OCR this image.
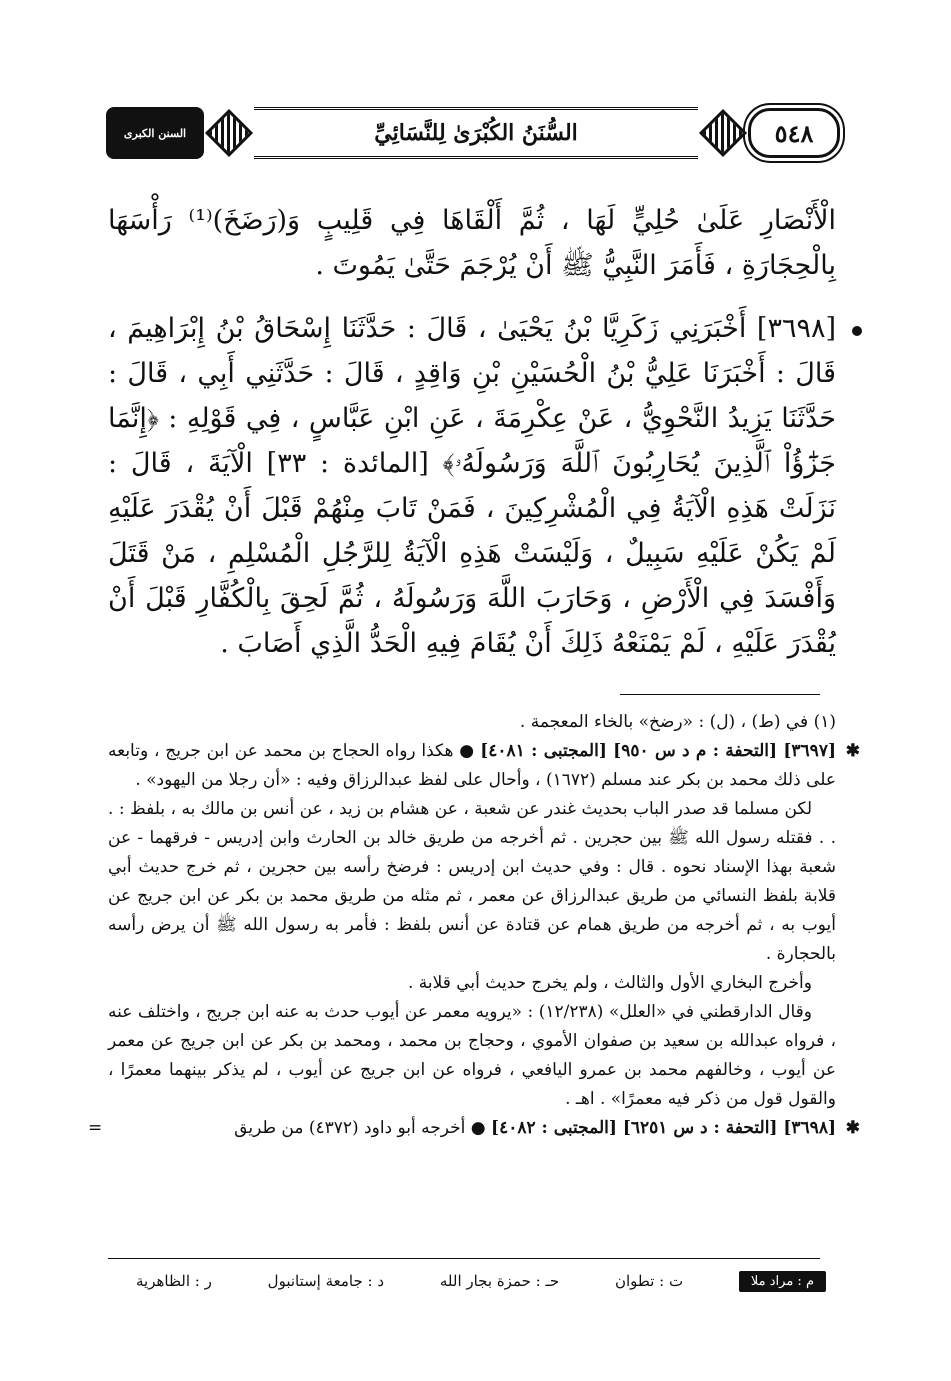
٥٤٨
السُّنَنُ الكُبْرَىٰ لِلنَّسَائِيِّ
السنن الكبرى

الْأَنْصَارِ عَلَىٰ حُلِيٍّ لَهَا ، ثُمَّ أَلْقَاهَا فِي قَلِيبٍ وَ(رَضَخَ)⁽¹⁾ رَأْسَهَا بِالْحِجَارَةِ ، فَأَمَرَ النَّبِيُّ ﷺ أَنْ يُرْجَمَ حَتَّىٰ يَمُوتَ .

[٣٦٩٨] أَخْبَرَنِي زَكَرِيَّا بْنُ يَحْيَىٰ ، قَالَ : حَدَّثَنَا إِسْحَاقُ بْنُ إِبْرَاهِيمَ ، قَالَ : أَخْبَرَنَا عَلِيُّ بْنُ الْحُسَيْنِ بْنِ وَاقِدٍ ، قَالَ : حَدَّثَنِي أَبِي ، قَالَ : حَدَّثَنَا يَزِيدُ النَّحْوِيُّ ، عَنْ عِكْرِمَةَ ، عَنِ ابْنِ عَبَّاسٍ ، فِي قَوْلِهِ : ﴿إِنَّمَا جَزَٰٓؤُاْ ٱلَّذِينَ يُحَارِبُونَ ٱللَّهَ وَرَسُولَهُۥ﴾ [المائدة : ٣٣] الْآيَةَ ، قَالَ : نَزَلَتْ هَذِهِ الْآيَةُ فِي الْمُشْرِكِينَ ، فَمَنْ تَابَ مِنْهُمْ قَبْلَ أَنْ يُقْدَرَ عَلَيْهِ لَمْ يَكُنْ عَلَيْهِ سَبِيلٌ ، وَلَيْسَتْ هَذِهِ الْآيَةُ لِلرَّجُلِ الْمُسْلِمِ ، مَنْ قَتَلَ وَأَفْسَدَ فِي الْأَرْضِ ، وَحَارَبَ اللَّهَ وَرَسُولَهُ ، ثُمَّ لَحِقَ بِالْكُفَّارِ قَبْلَ أَنْ يُقْدَرَ عَلَيْهِ ، لَمْ يَمْنَعْهُ ذَلِكَ أَنْ يُقَامَ فِيهِ الْحَدُّ الَّذِي أَصَابَ .

(١) في (ط) ، (ل) : «رضخ» بالخاء المعجمة .

✱
[٣٦٩٧] [التحفة : م د س ٩٥٠] [المجتبى : ٤٠٨١] ● هكذا رواه الحجاج بن محمد عن ابن جريج ، وتابعه على ذلك محمد بن بكر عند مسلم (١٦٧٢) ، وأحال على لفظ عبدالرزاق وفيه : «أن رجلا من اليهود» .

لكن مسلما قد صدر الباب بحديث غندر عن شعبة ، عن هشام بن زيد ، عن أنس بن مالك به ، بلفظ : . . . فقتله رسول الله ﷺ بين حجرين . ثم أخرجه من طريق خالد بن الحارث وابن إدريس - فرقهما - عن شعبة بهذا الإسناد نحوه . قال : وفي حديث ابن إدريس : فرضخ رأسه بين حجرين ، ثم خرج حديث أبي قلابة بلفظ النسائي من طريق عبدالرزاق عن معمر ، ثم مثله من طريق محمد بن بكر عن ابن جريج عن أيوب به ، ثم أخرجه من طريق همام عن قتادة عن أنس بلفظ : فأمر به رسول الله ﷺ أن يرض رأسه بالحجارة .

وأخرج البخاري الأول والثالث ، ولم يخرج حديث أبي قلابة .

وقال الدارقطني في «العلل» (١٢/٢٣٨) : «يرويه معمر عن أيوب حدث به عنه ابن جريج ، واختلف عنه ، فرواه عبدالله بن سعيد بن صفوان الأموي ، وحجاج بن محمد ، ومحمد بن بكر عن ابن جريج عن معمر عن أيوب ، وخالفهم محمد بن عمرو اليافعي ، فرواه عن ابن جريج عن أيوب ، لم يذكر بينهما معمرًا ، والقول قول من ذكر فيه معمرًا» . اهـ .

✱
[٣٦٩٨] [التحفة : د س ٦٢٥١] [المجتبى : ٤٠٨٢] ● أخرجه أبو داود (٤٣٧٢) من طريق
=

م : مراد ملا
ت : تطوان
حـ : حمزة بجار الله
د : جامعة إستانبول
ر : الظاهرية
